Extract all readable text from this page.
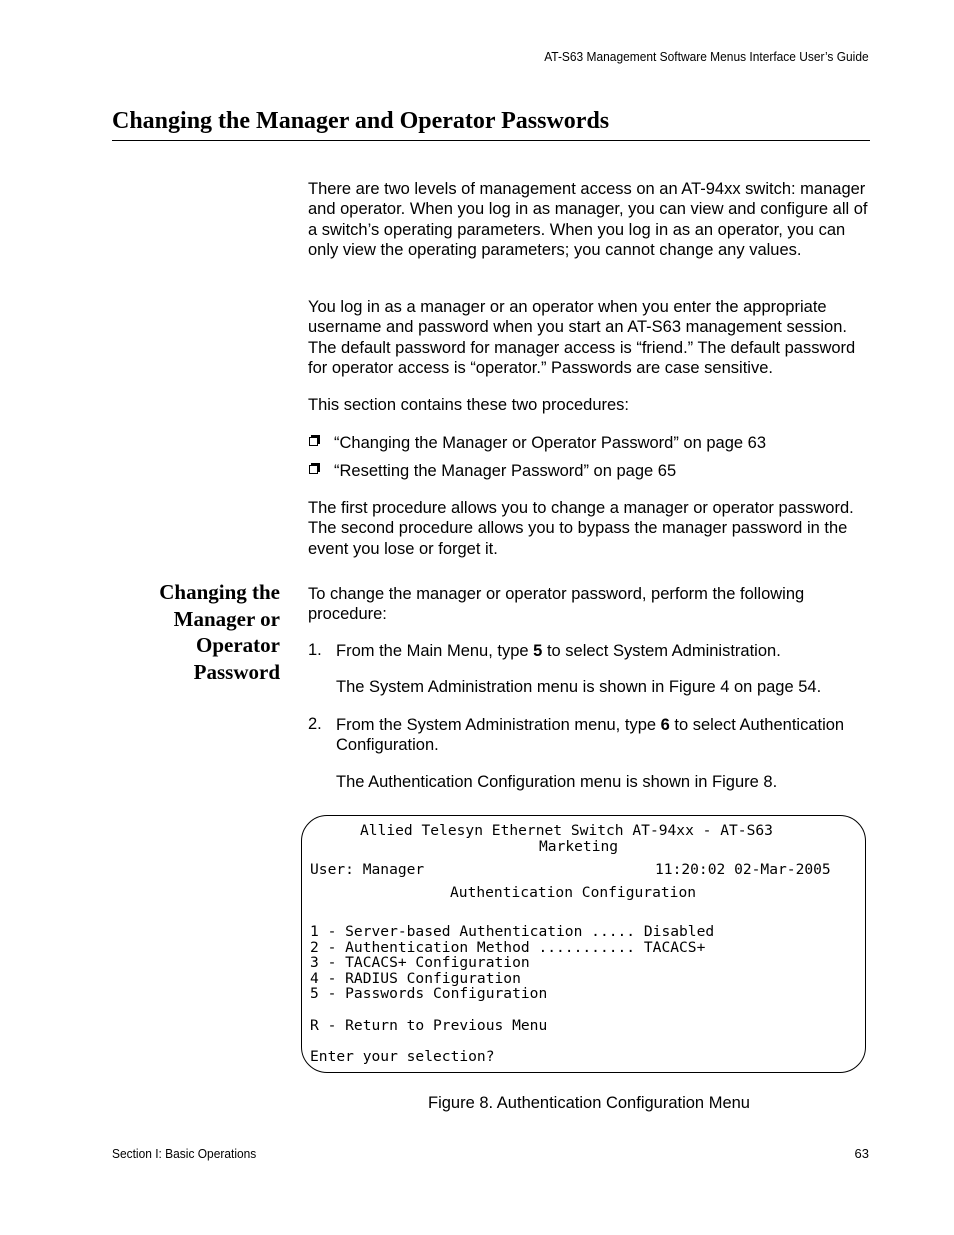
AT-S63 Management Software Menus Interface User’s Guide
Changing the Manager and Operator Passwords

There are two levels of management access on an AT-94xx switch: manager and operator. When you log in as manager, you can view and configure all of a switch’s operating parameters. When you log in as an operator, you can only view the operating parameters; you cannot change any values.

You log in as a manager or an operator when you enter the appropriate username and password when you start an AT-S63 management session. The default password for manager access is “friend.” The default password for operator access is “operator.” Passwords are case sensitive.

This section contains these two procedures:

“Changing the Manager or Operator Password” on page 63
“Resetting the Manager Password” on page 65

The first procedure allows you to change a manager or operator password. The second procedure allows you to bypass the manager password in the event you lose or forget it.

Changing the
Manager or
Operator
Password

To change the manager or operator password, perform the following procedure:

1. From the Main Menu, type 5 to select System Administration.
The System Administration menu is shown in Figure 4 on page 54.
2. From the System Administration menu, type 6 to select Authentication Configuration.
The Authentication Configuration menu is shown in Figure 8.
Allied Telesyn Ethernet Switch AT-94xx - AT-S63
Marketing
User: Manager	11:20:02 02-Mar-2005
Authentication Configuration
1 - Server-based Authentication ..... Disabled
2 - Authentication Method ........... TACACS+
3 - TACACS+ Configuration
4 - RADIUS Configuration
5 - Passwords Configuration
R - Return to Previous Menu
Enter your selection?
Figure 8. Authentication Configuration Menu
Section I: Basic Operations	63
